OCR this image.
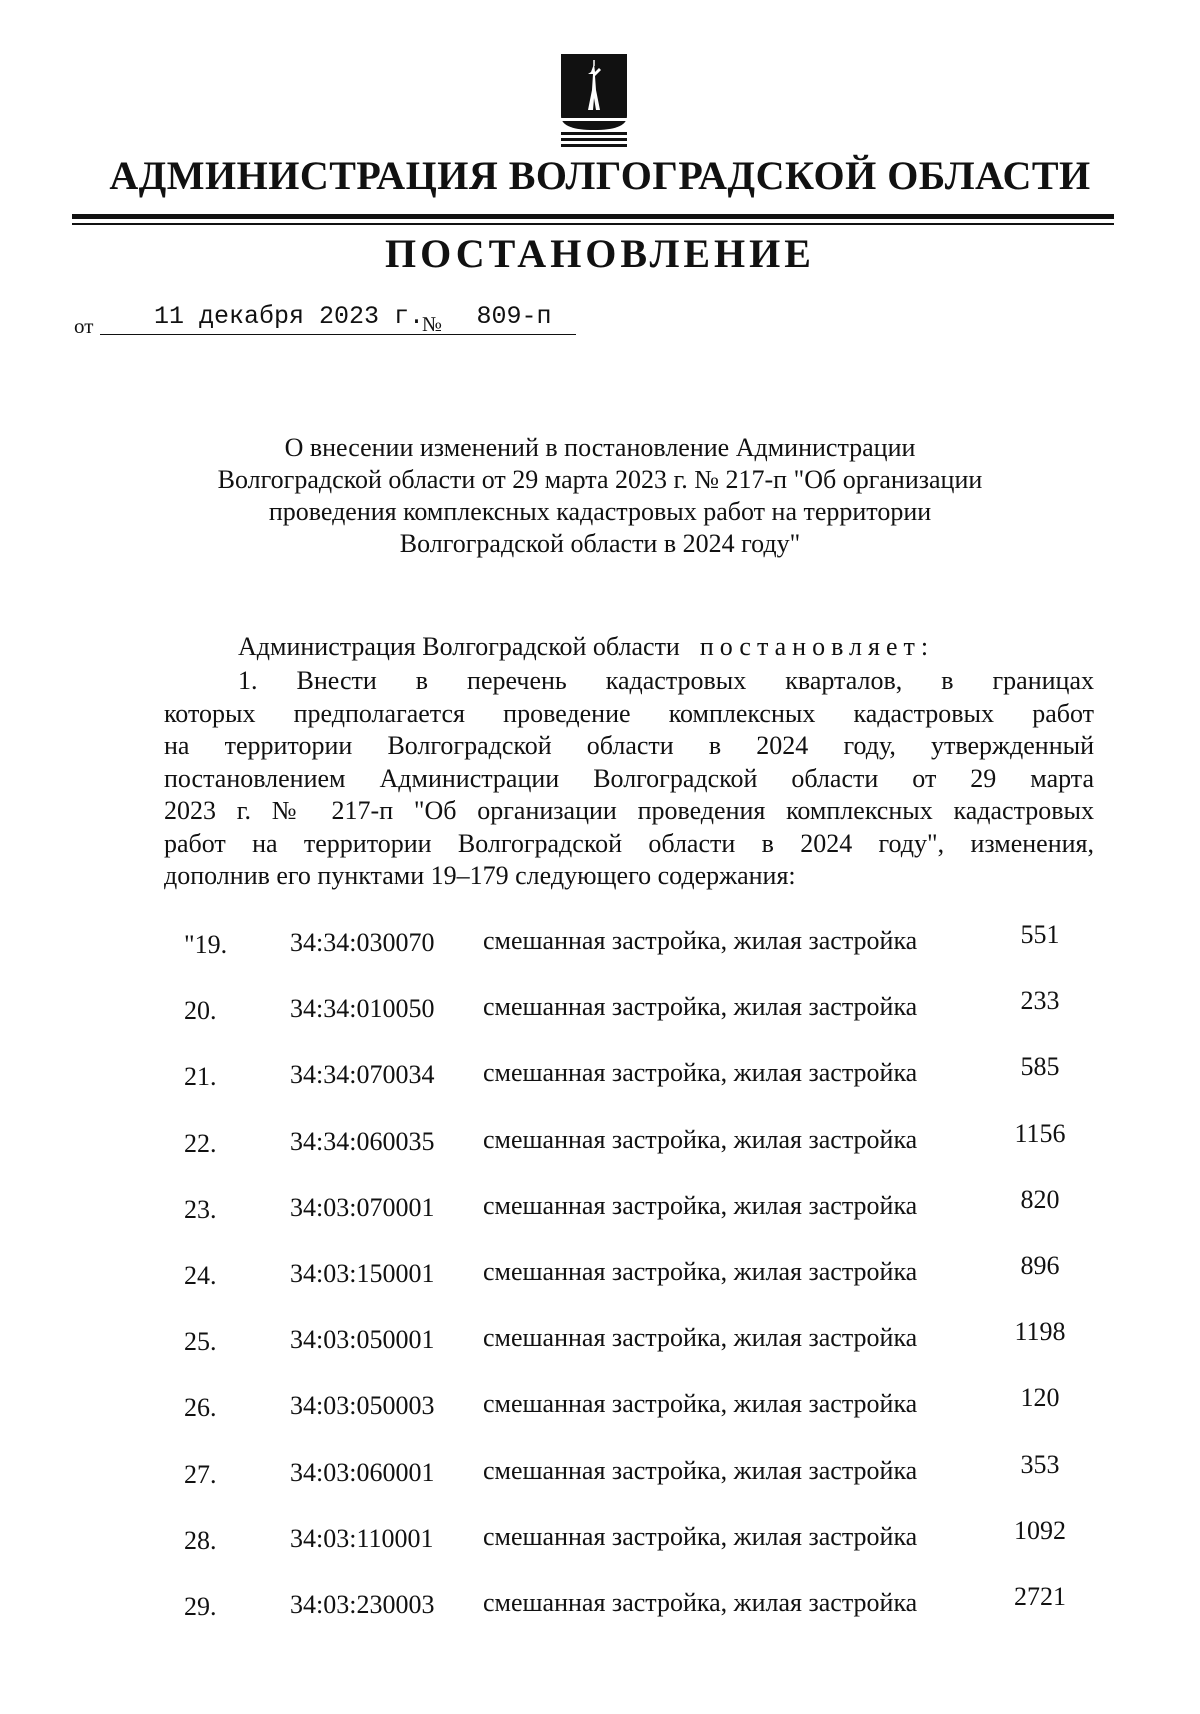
АДМИНИСТРАЦИЯ ВОЛГОГРАДСКОЙ ОБЛАСТИ
ПОСТАНОВЛЕНИЕ
от	11 декабря 2023 г.
№	809-п
О внесении изменений в постановление Администрации
Волгоградской области от 29 марта 2023 г. № 217-п "Об организации
проведения комплексных кадастровых работ на территории
Волгоградской области в 2024 году"
Администрация Волгоградской области постановляет:
1. Внести в перечень кадастровых кварталов, в границах
которых предполагается проведение комплексных кадастровых работ
на территории Волгоградской области в 2024 году, утвержденный
постановлением Администрации Волгоградской области от 29 марта
2023 г. № 217-п "Об организации проведения комплексных кадастровых
работ на территории Волгоградской области в 2024 году", изменения,
дополнив его пунктами 19–179 следующего содержания:
"19. 34:34:030070 смешанная застройка, жилая застройка	551
20.	34:34:010050 смешанная застройка, жилая застройка	233
21.	34:34:070034 смешанная застройка, жилая застройка	585
22.	34:34:060035 смешанная застройка, жилая застройка	1156
23.	34:03:070001 смешанная застройка, жилая застройка	820
24.	34:03:150001 смешанная застройка, жилая застройка	896
25.	34:03:050001 смешанная застройка, жилая застройка	1198
26.	34:03:050003 смешанная застройка, жилая застройка	120
27.	34:03:060001 смешанная застройка, жилая застройка	353
28.	34:03:110001 смешанная застройка, жилая застройка	1092
29.	34:03:230003 смешанная застройка, жилая застройка	2721
